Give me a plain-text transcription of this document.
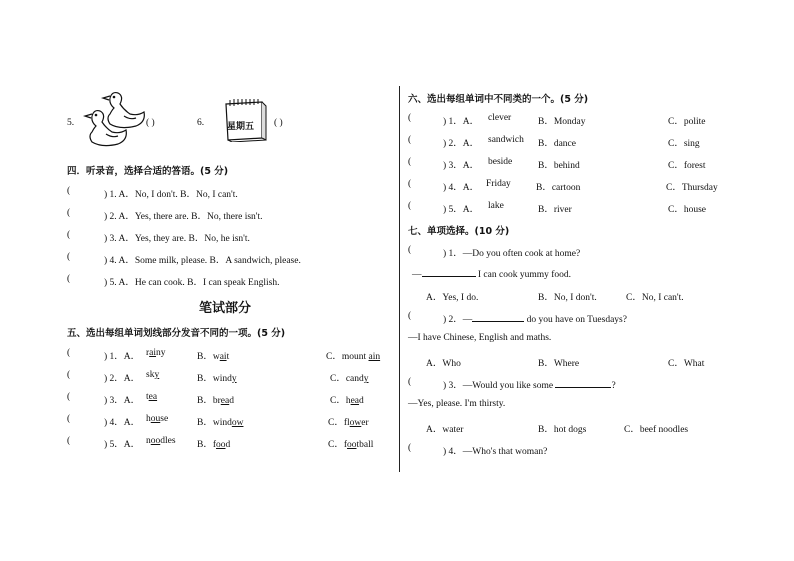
5.	( )	6.	星期五 ( )
四．听录音，选择合适的答语。(5 分)
(	) 1. A．No, I don't. B．No, I can't.
(	) 2. A．Yes, there are. B．No, there isn't.
(	) 3. A．Yes, they are. B．No, he isn't.
(	) 4. A．Some milk, please. B．A sandwich, please.
(	) 5. A．He can cook. B．I can speak English.
笔试部分
五、选出每组单词划线部分发音不同的一项。(5 分)
(	) 1．A． rainy	B．wait	C．mount ain
(	) 2．A． sky	B．windy	C．candy
(	) 3．A． tea	B．bread	C．head
(	) 4．A． house	B．window	C．flower
(	) 5．A． noodles B．food	C．football
六、选出每组单词中不同类的一个。(5 分)
(	) 1．A． clever	B．Monday	C．polite
(	) 2．A． sandwich B．dance	C．sing
(	) 3．A． beside	B．behind	C．forest
(	) 4．A． Friday	B．cartoon	C．Thursday
(	) 5．A． lake	B．river	C．house
七、单项选择。(10 分)
(	) 1．—Do you often cook at home?
—	I can cook yummy food.
A．Yes, I do.	B．No, I don't.	C．No, I can't.
(	) 2．—	do you have on Tuesdays?
—I have Chinese, English and maths.
A．Who	B．Where	C．What
(	) 3．—Would you like some	?
—Yes, please. I'm thirsty.
A．water	B．hot dogs	C．beef noodles
(	) 4．—Who's that woman?
